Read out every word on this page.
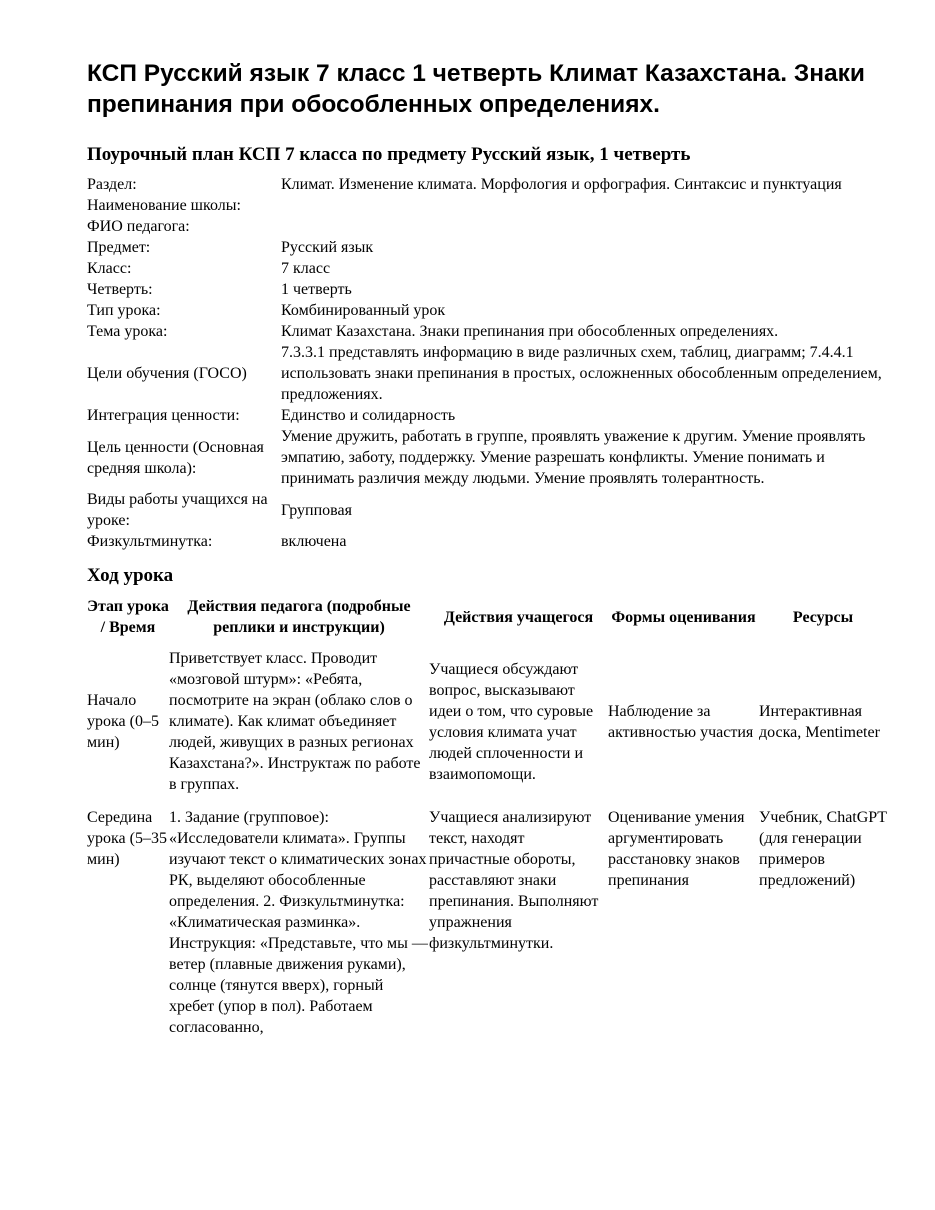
КСП Русский язык 7 класс 1 четверть Климат Казахстана. Знаки препинания при обособленных определениях.
Поурочный план КСП 7 класса по предмету Русский язык, 1 четверть
Раздел:	Климат. Изменение климата. Морфология и орфография. Синтаксис и пунктуация
Наименование школы:	
ФИО педагога:	
Предмет:	Русский язык
Класс:	7 класс
Четверть:	1 четверть
Тип урока:	Комбинированный урок
Тема урока:	Климат Казахстана. Знаки препинания при обособленных определениях.
Цели обучения (ГОСО)	7.3.3.1 представлять информацию в виде различных схем, таблиц, диаграмм; 7.4.4.1 использовать знаки препинания в простых, осложненных обособленным определением, предложениях.
Интеграция ценности:	Единство и солидарность
Цель ценности (Основная средняя школа):	Умение дружить, работать в группе, проявлять уважение к другим. Умение проявлять эмпатию, заботу, поддержку. Умение разрешать конфликты. Умение понимать и принимать различия между людьми. Умение проявлять толерантность.
Виды работы учащихся на уроке:	Групповая
Физкультминутка:	включена
Ход урока
Этап урока / Время	Действия педагога (подробные реплики и инструкции)	Действия учащегося	Формы оценивания	Ресурсы
Начало урока (0–5 мин)	Приветствует класс. Проводит «мозговой штурм»: «Ребята, посмотрите на экран (облако слов о климате). Как климат объединяет людей, живущих в разных регионах Казахстана?». Инструктаж по работе в группах.	Учащиеся обсуждают вопрос, высказывают идеи о том, что суровые условия климата учат людей сплоченности и взаимопомощи.	Наблюдение за активностью участия	Интерактивная доска, Mentimeter
Середина урока (5–35 мин)	1. Задание (групповое): «Исследователи климата». Группы изучают текст о климатических зонах РК, выделяют обособленные определения. 2. Физкультминутка: «Климатическая разминка». Инструкция: «Представьте, что мы — ветер (плавные движения руками), солнце (тянутся вверх), горный хребет (упор в пол). Работаем согласованно,	Учащиеся анализируют текст, находят причастные обороты, расставляют знаки препинания. Выполняют упражнения физкультминутки.	Оценивание умения аргументировать расстановку знаков препинания	Учебник, ChatGPT (для генерации примеров предложений)
